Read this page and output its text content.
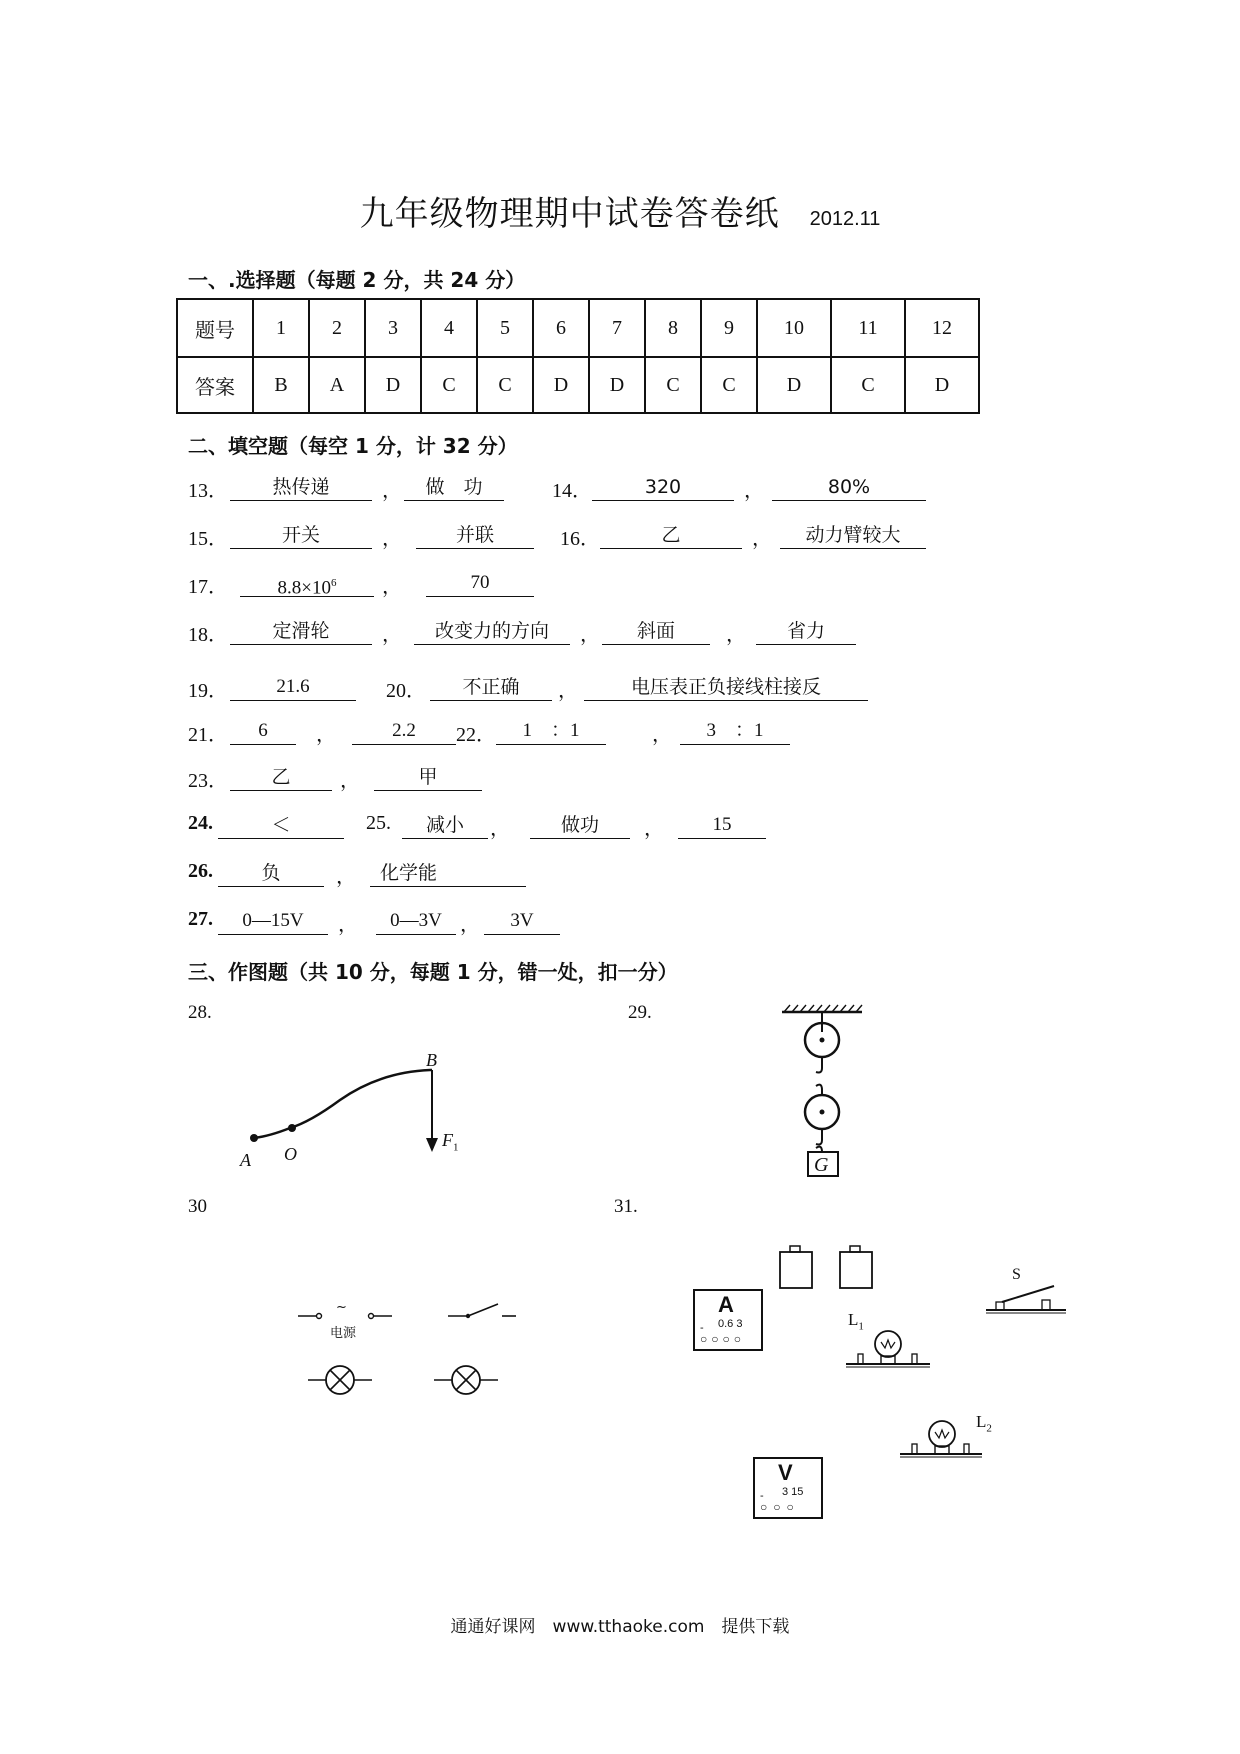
九年级物理期中试卷答卷纸 2012.11
一、.选择题（每题 2 分，共 24 分）
题号	1	2	3	4	5	6	7	8	9	10	11	12
答案	B	A	D	C	C	D	D	C	C	D	C	D
二、填空题（每空 1 分，计 32 分）
13．	热传递	，	做　功	14．	320	，	80%
15．	开关	，	并联	16．	乙	，	动力臂较大
17．	$8.8\times 10^6$	，	70
18．	定滑轮	，	改变力的方向	，	斜面	，	省力
19．	21.6	20．	不正确	，	电压表正负接线柱接反
21．	6	，	2.2	22．	1　：1	，	3　：1
23．	乙	，	甲
24.	＜	25.	减小	，	做功	，	15
26.	负	，	化学能
27.	0—15V	，	0—3V ，	3V
三、作图题（共 10 分，每题 1 分，错一处，扣一分）
28.	29.
30	31.
A O
B
$F_1$
G
~
电源
A
- 0.6 3
○○○○
V
- 3 15
○○○
S
$L_1$
$L_2$
通通好课网　www.tthaoke.com　提供下载
